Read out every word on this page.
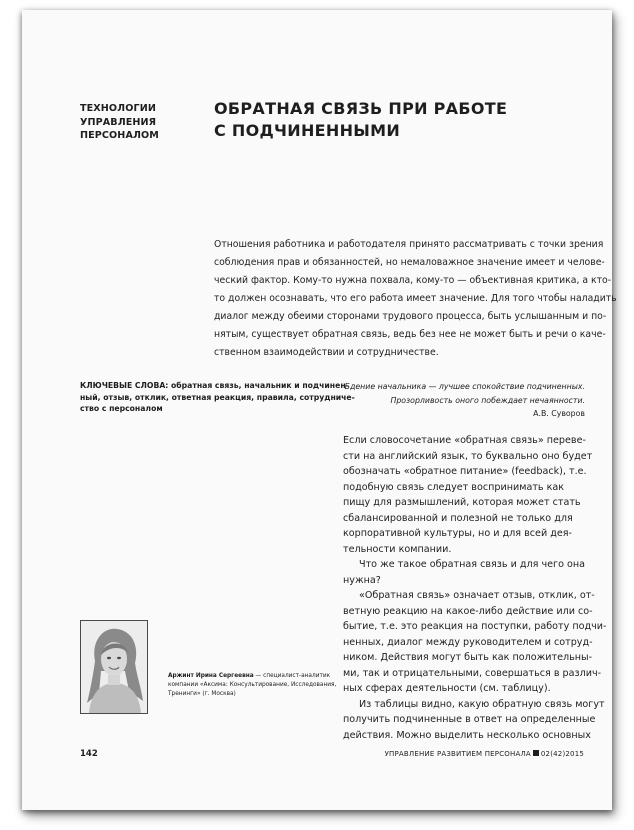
ТЕХНОЛОГИИ
УПРАВЛЕНИЯ
ПЕРСОНАЛОМ
ОБРАТНАЯ СВЯЗЬ ПРИ РАБОТЕ
С ПОДЧИНЕННЫМИ
Отношения работника и работодателя принято рассматривать с точки зрения
соблюдения прав и обязанностей, но немаловажное значение имеет и челове-
ческий фактор. Кому-то нужна похвала, кому-то — объективная критика, а кто-
то должен осознавать, что его работа имеет значение. Для того чтобы наладить
диалог между обеими сторонами трудового процесса, быть услышанным и по-
нятым, существует обратная связь, ведь без нее не может быть и речи о каче-
ственном взаимодействии и сотрудничестве.
КЛЮЧЕВЫЕ СЛОВА: обратная связь, начальник и подчинен-
ный, отзыв, отклик, ответная реакция, правила, сотрудниче-
ство с персоналом
Бдение начальника — лучшее спокойствие подчиненных.
Прозорливость оного побеждает нечаянности.
А.В. Суворов
Если словосочетание «обратная связь» переве-
сти на английский язык, то буквально оно будет
обозначать «обратное питание» (feedback), т.е.
подобную связь следует воспринимать как
пищу для размышлений, которая может стать
сбалансированной и полезной не только для
корпоративной культуры, но и для всей дея-
тельности компании.
Что же такое обратная связь и для чего она
нужна?
«Обратная связь» означает отзыв, отклик, от-
ветную реакцию на какое-либо действие или со-
бытие, т.е. это реакция на поступки, работу подчи-
ненных, диалог между руководителем и сотруд-
ником. Действия могут быть как положительны-
ми, так и отрицательными, совершаться в различ-
ных сферах деятельности (см. таблицу).
Из таблицы видно, какую обратную связь могут
получить подчиненные в ответ на определенные
действия. Можно выделить несколько основных
Аржинт Ирина Сергеевна — специалист-аналитик
компании «Аксима: Консультирование, Исследования,
Тренинги» (г. Москва)
142	УПРАВЛЕНИЕ РАЗВИТИЕМ ПЕРСОНАЛА 02(42)2015
